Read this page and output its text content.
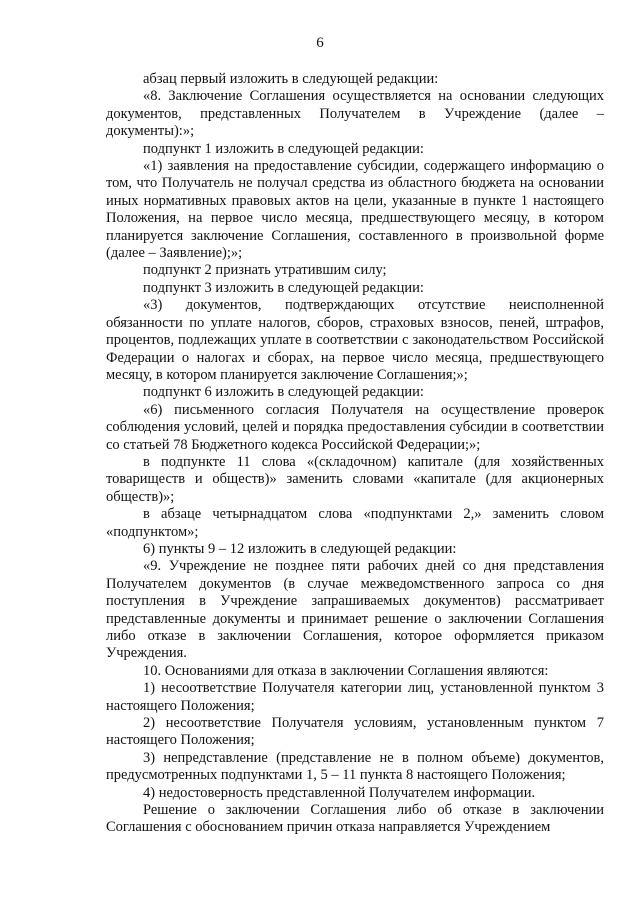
6

абзац первый изложить в следующей редакции:

«8. Заключение Соглашения осуществляется на основании следующих документов, представленных Получателем в Учреждение (далее – документы):»;

подпункт 1 изложить в следующей редакции:

«1) заявления на предоставление субсидии, содержащего информацию о том, что Получатель не получал средства из областного бюджета на основании иных нормативных правовых актов на цели, указанные в пункте 1 настоящего Положения, на первое число месяца, предшествующего месяцу, в котором планируется заключение Соглашения, составленного в произвольной форме (далее – Заявление);»;

подпункт 2 признать утратившим силу;

подпункт 3 изложить в следующей редакции:

«3) документов, подтверждающих отсутствие неисполненной обязанности по уплате налогов, сборов, страховых взносов, пеней, штрафов, процентов, подлежащих уплате в соответствии с законодательством Российской Федерации о налогах и сборах, на первое число месяца, предшествующего месяцу, в котором планируется заключение Соглашения;»;

подпункт 6 изложить в следующей редакции:

«6) письменного согласия Получателя на осуществление проверок соблюдения условий, целей и порядка предоставления субсидии в соответствии со статьей 78 Бюджетного кодекса Российской Федерации;»;

в подпункте 11 слова «(складочном) капитале (для хозяйственных товариществ и обществ)» заменить словами «капитале (для акционерных обществ)»;

в абзаце четырнадцатом слова «подпунктами 2,» заменить словом «подпунктом»;

6) пункты 9 – 12 изложить в следующей редакции:

«9. Учреждение не позднее пяти рабочих дней со дня представления Получателем документов (в случае межведомственного запроса со дня поступления в Учреждение запрашиваемых документов) рассматривает представленные документы и принимает решение о заключении Соглашения либо отказе в заключении Соглашения, которое оформляется приказом Учреждения.

10. Основаниями для отказа в заключении Соглашения являются:

1) несоответствие Получателя категории лиц, установленной пунктом 3 настоящего Положения;

2) несоответствие Получателя условиям, установленным пунктом 7 настоящего Положения;

3) непредставление (представление не в полном объеме) документов, предусмотренных подпунктами 1, 5 – 11 пункта 8 настоящего Положения;

4) недостоверность представленной Получателем информации.

Решение о заключении Соглашения либо об отказе в заключении Соглашения с обоснованием причин отказа направляется Учреждением
